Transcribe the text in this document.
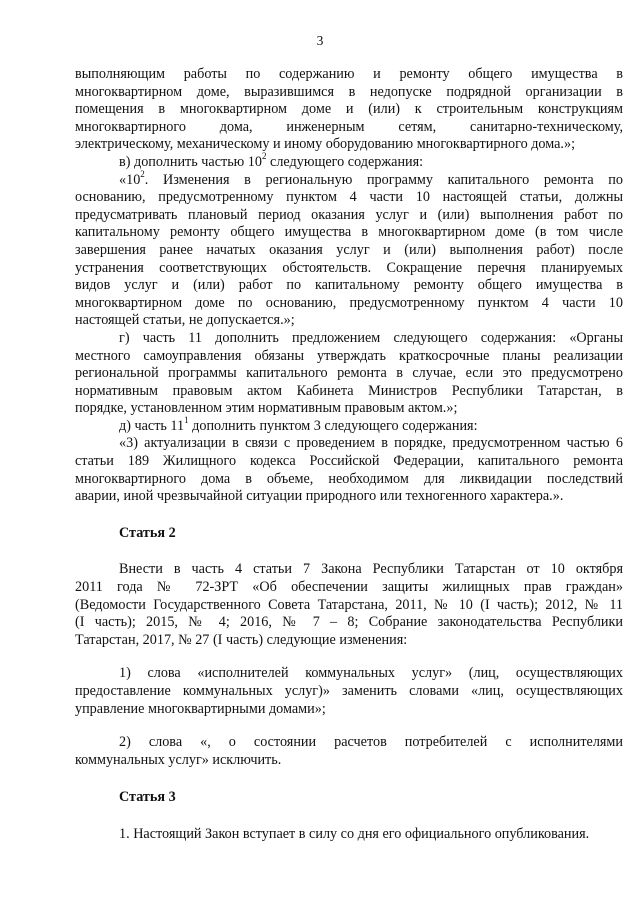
3

выполняющим работы по содержанию и ремонту общего имущества в

многоквартирном доме, выразившимся в недопуске подрядной организации в

помещения в многоквартирном доме и (или) к строительным конструкциям

многоквартирного дома, инженерным сетям, санитарно-техническому,

электрическому, механическому и иному оборудованию многоквартирного дома.»;

в) дополнить частью $10^2$ следующего содержания:

«$10^2$. Изменения в региональную программу капитального ремонта по

основанию, предусмотренному пунктом 4 части 10 настоящей статьи, должны

предусматривать плановый период оказания услуг и (или) выполнения работ по

капитальному ремонту общего имущества в многоквартирном доме (в том числе

завершения ранее начатых оказания услуг и (или) выполнения работ) после

устранения соответствующих обстоятельств. Сокращение перечня планируемых

видов услуг и (или) работ по капитальному ремонту общего имущества в

многоквартирном доме по основанию, предусмотренному пунктом 4 части 10

настоящей статьи, не допускается.»;

г) часть 11 дополнить предложением следующего содержания: «Органы

местного самоуправления обязаны утверждать краткосрочные планы реализации

региональной программы капитального ремонта в случае, если это предусмотрено

нормативным правовым актом Кабинета Министров Республики Татарстан, в

порядке, установленном этим нормативным правовым актом.»;

д) часть $11^1$ дополнить пунктом 3 следующего содержания:

«3) актуализации в связи с проведением в порядке, предусмотренном частью 6

статьи 189 Жилищного кодекса Российской Федерации, капитального ремонта

многоквартирного дома в объеме, необходимом для ликвидации последствий

аварии, иной чрезвычайной ситуации природного или техногенного характера.».

Статья 2

Внести в часть 4 статьи 7 Закона Республики Татарстан от 10 октября

2011 года № 72-ЗРТ «Об обеспечении защиты жилищных прав граждан»

(Ведомости Государственного Совета Татарстана, 2011, № 10 (I часть); 2012, № 11

(I часть); 2015, № 4; 2016, № 7 – 8; Собрание законодательства Республики

Татарстан, 2017, № 27 (I часть) следующие изменения:

1) слова «исполнителей коммунальных услуг» (лиц, осуществляющих

предоставление коммунальных услуг)» заменить словами «лиц, осуществляющих

управление многоквартирными домами»;

2) слова «, о состоянии расчетов потребителей с исполнителями

коммунальных услуг» исключить.

Статья 3

1. Настоящий Закон вступает в силу со дня его официального опубликования.
